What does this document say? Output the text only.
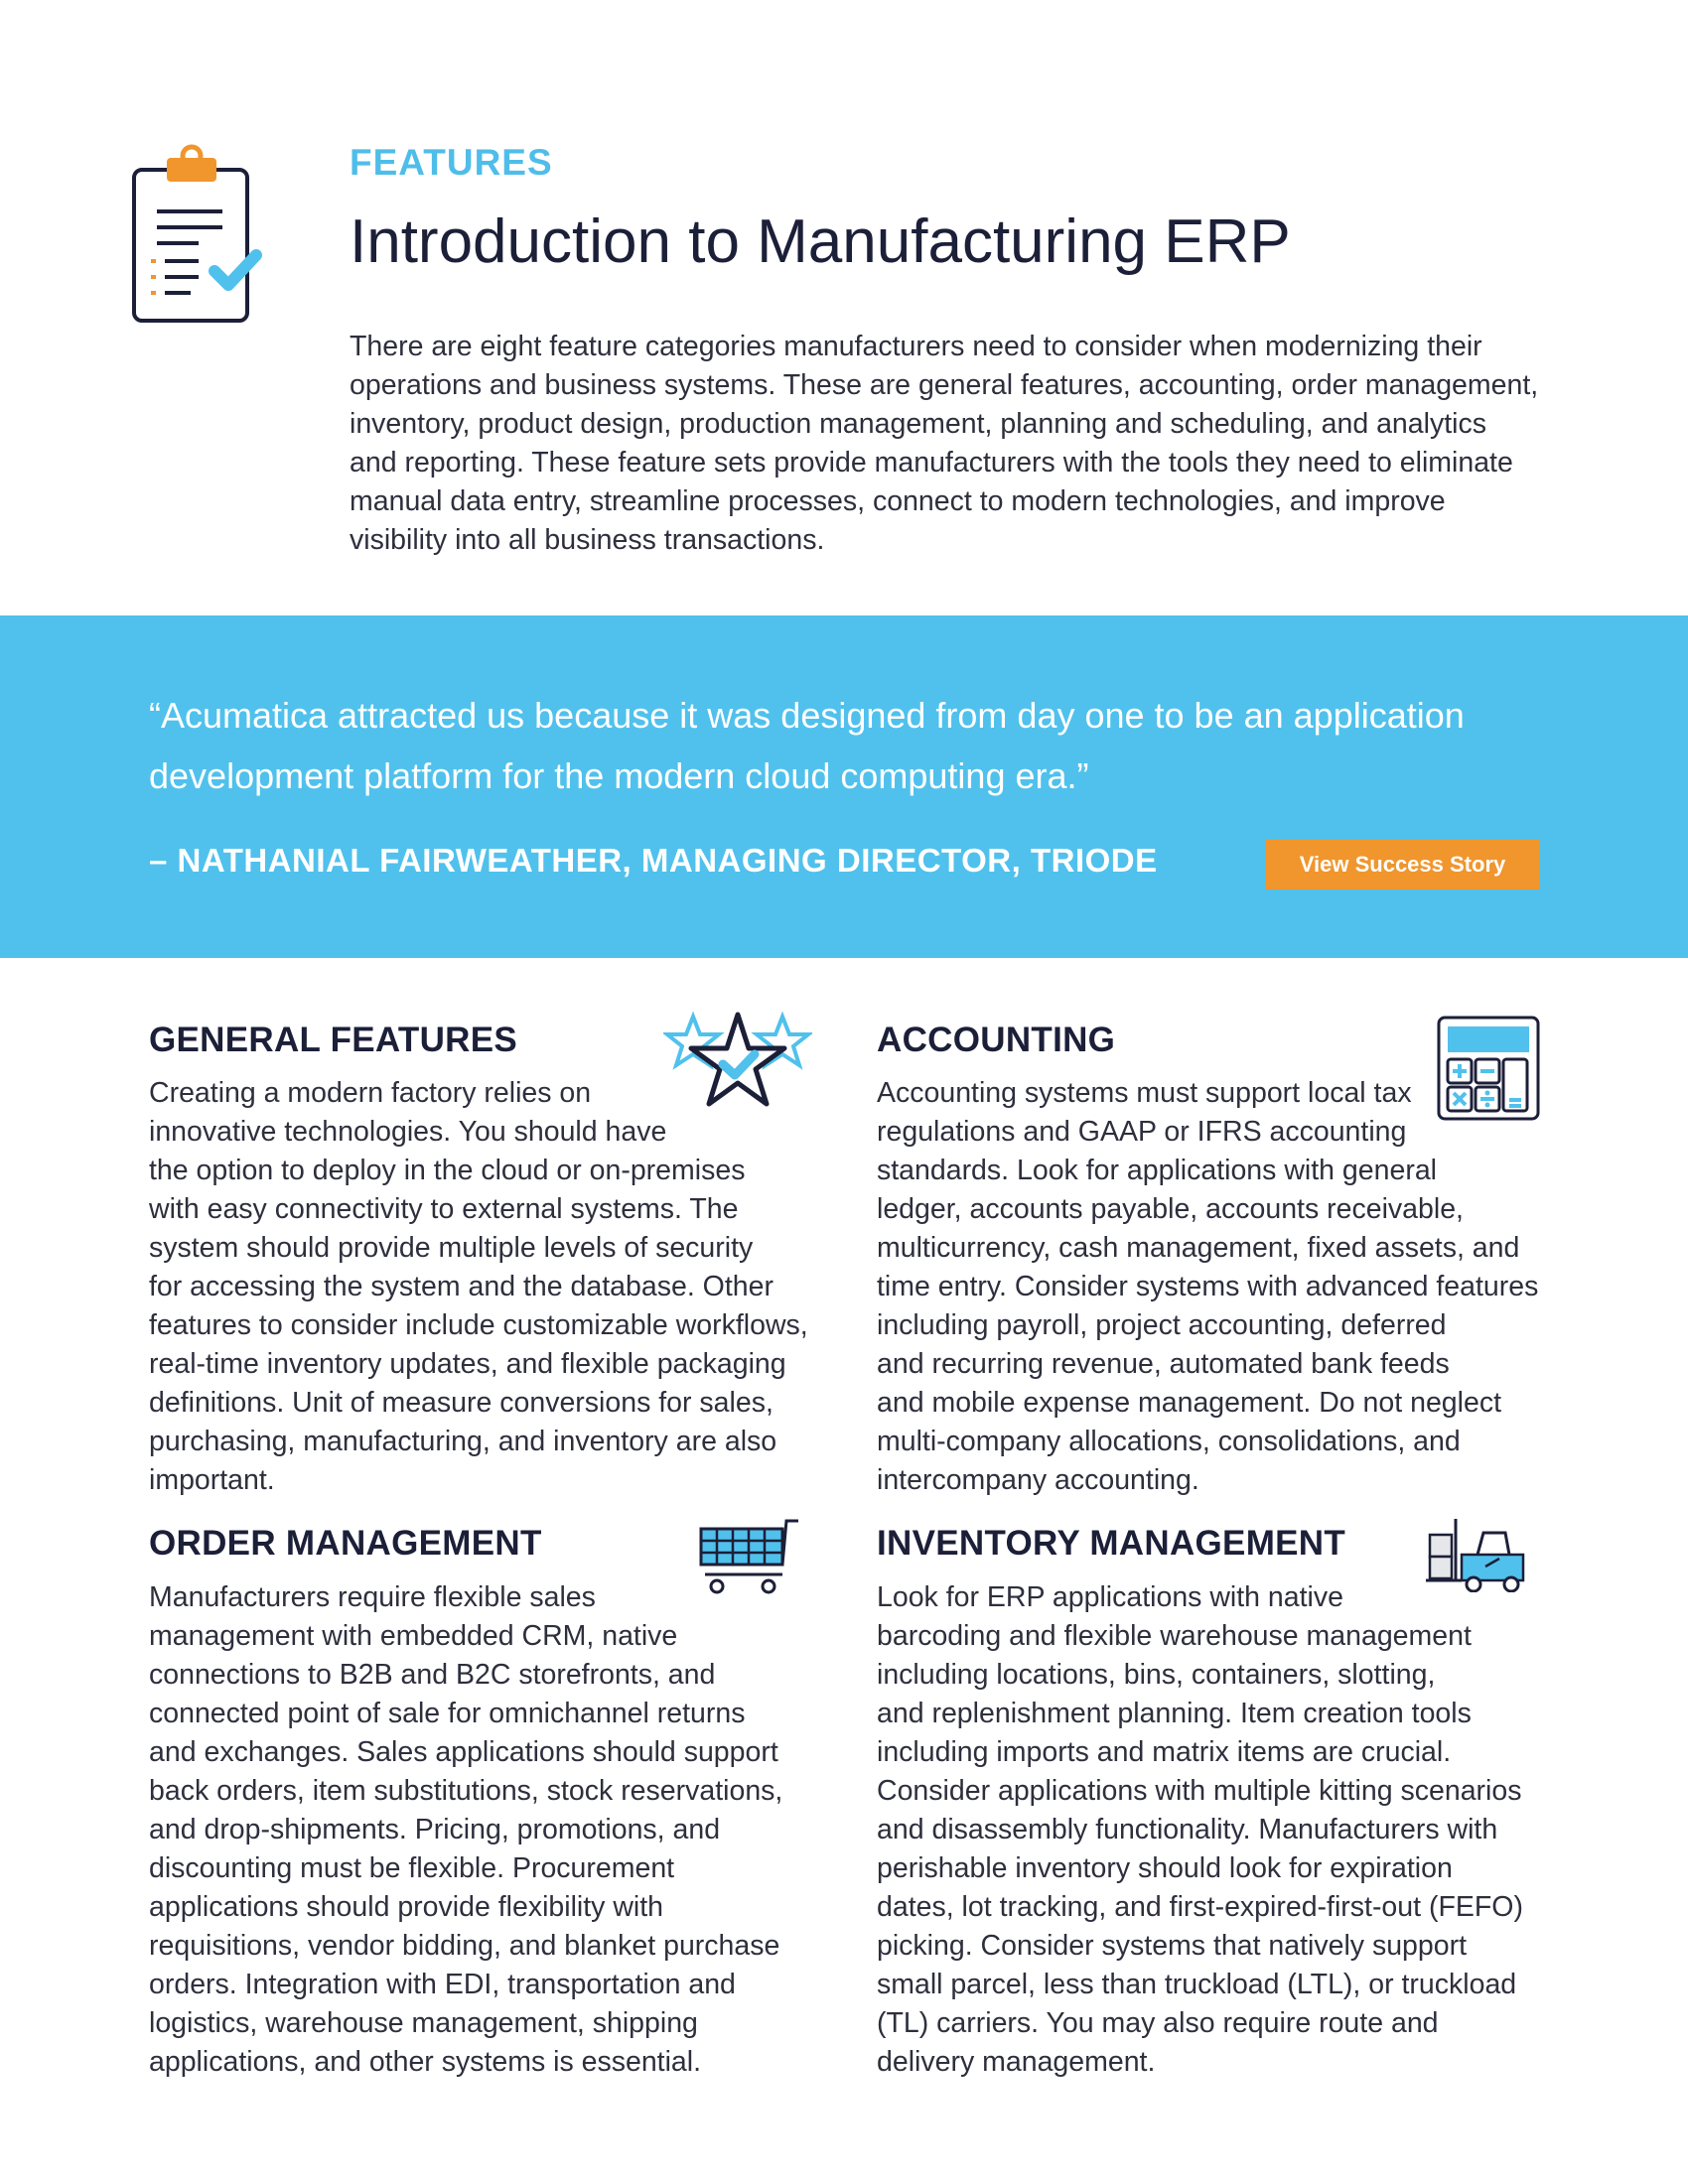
FEATURES

Introduction to Manufacturing ERP

There are eight feature categories manufacturers need to consider when modernizing their
operations and business systems. These are general features, accounting, order management,
inventory, product design, production management, planning and scheduling, and analytics
and reporting. These feature sets provide manufacturers with the tools they need to eliminate
manual data entry, streamline processes, connect to modern technologies, and improve
visibility into all business transactions.

“Acumatica attracted us because it was designed from day one to be an application
development platform for the modern cloud computing era.”

– NATHANIAL FAIRWEATHER, MANAGING DIRECTOR, TRIODE	View Success Story
GENERAL FEATURES

Creating a modern factory relies on
innovative technologies. You should have
the option to deploy in the cloud or on-premises
with easy connectivity to external systems. The
system should provide multiple levels of security
for accessing the system and the database. Other
features to consider include customizable workflows,
real-time inventory updates, and flexible packaging
definitions. Unit of measure conversions for sales,
purchasing, manufacturing, and inventory are also
important.

ACCOUNTING

Accounting systems must support local tax
regulations and GAAP or IFRS accounting
standards. Look for applications with general
ledger, accounts payable, accounts receivable,
multicurrency, cash management, fixed assets, and
time entry. Consider systems with advanced features
including payroll, project accounting, deferred
and recurring revenue, automated bank feeds
and mobile expense management. Do not neglect
multi-company allocations, consolidations, and
intercompany accounting.

ORDER MANAGEMENT

Manufacturers require flexible sales
management with embedded CRM, native
connections to B2B and B2C storefronts, and
connected point of sale for omnichannel returns
and exchanges. Sales applications should support
back orders, item substitutions, stock reservations,
and drop-shipments. Pricing, promotions, and
discounting must be flexible. Procurement
applications should provide flexibility with
requisitions, vendor bidding, and blanket purchase
orders. Integration with EDI, transportation and
logistics, warehouse management, shipping
applications, and other systems is essential.

INVENTORY MANAGEMENT

Look for ERP applications with native
barcoding and flexible warehouse management
including locations, bins, containers, slotting,
and replenishment planning. Item creation tools
including imports and matrix items are crucial.
Consider applications with multiple kitting scenarios
and disassembly functionality. Manufacturers with
perishable inventory should look for expiration
dates, lot tracking, and first-expired-first-out (FEFO)
picking. Consider systems that natively support
small parcel, less than truckload (LTL), or truckload
(TL) carriers. You may also require route and
delivery management.
